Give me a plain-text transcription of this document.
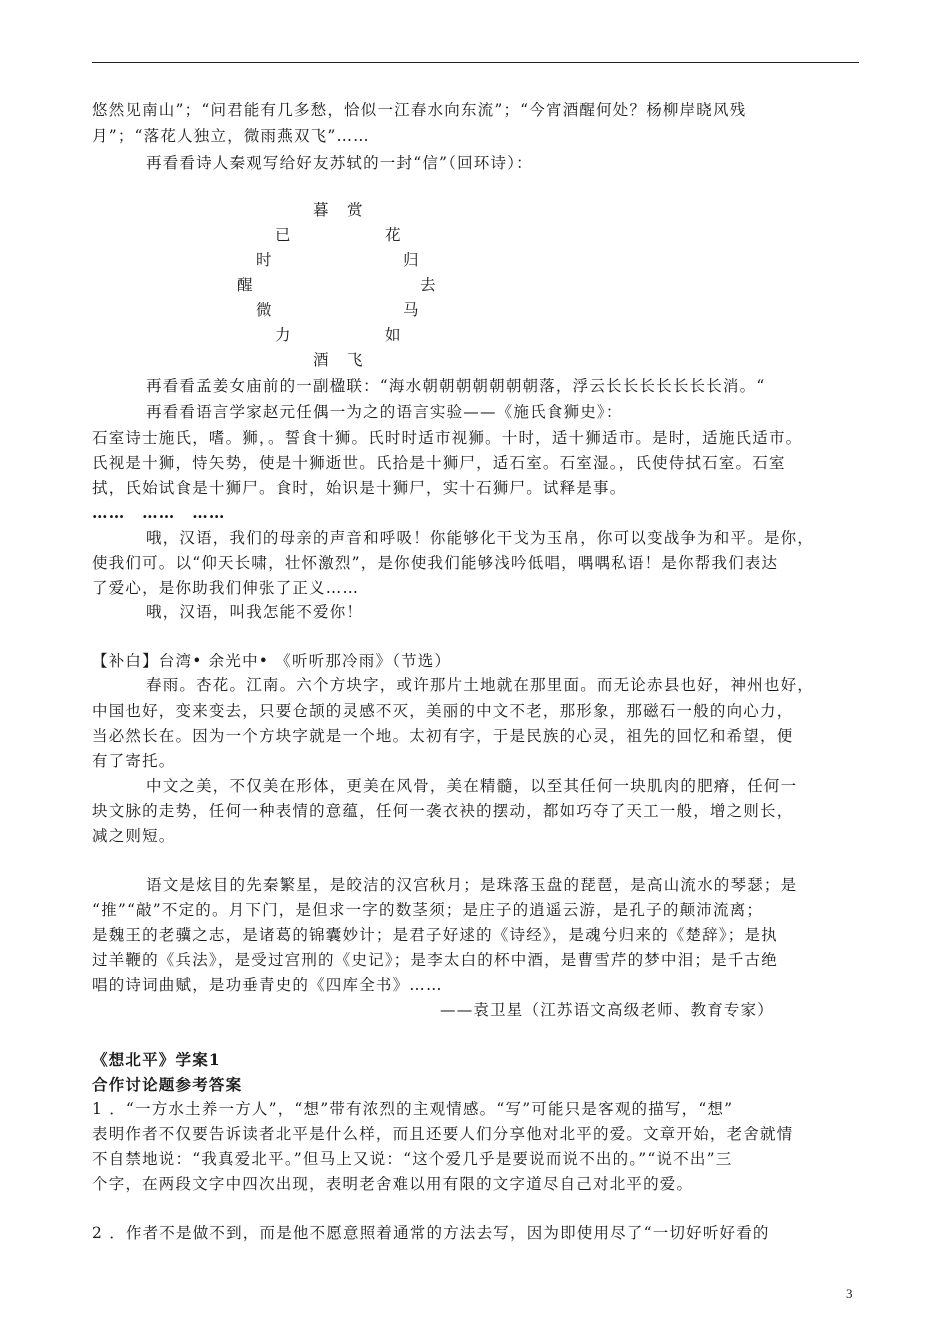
悠然见南山”；“问君能有几多愁，恰似一江春水向东流”；“今宵酒醒何处？杨柳岸晓风残
月”；“落花人独立，微雨燕双飞”……
再看看诗人秦观写给好友苏轼的一封“信”（回环诗）：
暮 赏
已	花
时	归
醒	去
微	马
力	如
酒 飞
再看看孟姜女庙前的一副楹联：“海水朝朝朝朝朝朝朝落，浮云长长长长长长长消。“
再看看语言学家赵元任偶一为之的语言实验——《施氏食狮史》：
石室诗士施氏，嗜。狮，。誓食十狮。氏时时适市视狮。十时，适十狮适市。是时，适施氏适市。
氏视是十狮，恃矢势，使是十狮逝世。氏拾是十狮尸，适石室。石室湿。，氏使侍拭石室。石室
拭，氏始试食是十狮尸。食时，始识是十狮尸，实十石狮尸。试释是事。
……　……　……
哦，汉语，我们的母亲的声音和呼吸！你能够化干戈为玉帛，你可以变战争为和平。是你，
使我们可。以“仰天长啸，壮怀激烈”，是你使我们能够浅吟低唱，喁喁私语！是你帮我们表达
了爱心，是你助我们伸张了正义……
哦，汉语，叫我怎能不爱你！
【补白】台湾• 余光中• 《听听那冷雨》（节选）
春雨。杏花。江南。六个方块字，或许那片土地就在那里面。而无论赤县也好，神州也好，
中国也好，变来变去，只要仓颉的灵感不灭，美丽的中文不老，那形象，那磁石一般的向心力，
当必然长在。因为一个方块字就是一个地。太初有字，于是民族的心灵，祖先的回忆和希望，便
有了寄托。
中文之美，不仅美在形体，更美在风骨，美在精髓，以至其任何一块肌肉的肥瘠，任何一
块文脉的走势，任何一种表情的意蕴，任何一袭衣袂的摆动，都如巧夺了天工一般，增之则长，
减之则短。
语文是炫目的先秦繁星，是皎洁的汉宫秋月；是珠落玉盘的琵琶，是高山流水的琴瑟；是
“推”“敲”不定的。月下门，是但求一字的数茎须；是庄子的逍遥云游，是孔子的颠沛流离；
是魏王的老骥之志，是诸葛的锦囊妙计；是君子好逑的《诗经》，是魂兮归来的《楚辞》；是执
过羊鞭的《兵法》，是受过宫刑的《史记》；是李太白的杯中酒，是曹雪芹的梦中泪；是千古绝
唱的诗词曲赋，是功垂青史的《四库全书》……
——袁卫星（江苏语文高级老师、教育专家）
《想北平》学案1
合作讨论题参考答案
1 ．“一方水土养一方人”，“想”带有浓烈的主观情感。“写”可能只是客观的描写，“想”
表明作者不仅要告诉读者北平是什么样，而且还要人们分享他对北平的爱。文章开始，老舍就情
不自禁地说：“我真爱北平。”但马上又说：“这个爱几乎是要说而说不出的。”“说不出”三
个字，在两段文字中四次出现，表明老舍难以用有限的文字道尽自己对北平的爱。
2 ．作者不是做不到，而是他不愿意照着通常的方法去写，因为即使用尽了“一切好听好看的
3
